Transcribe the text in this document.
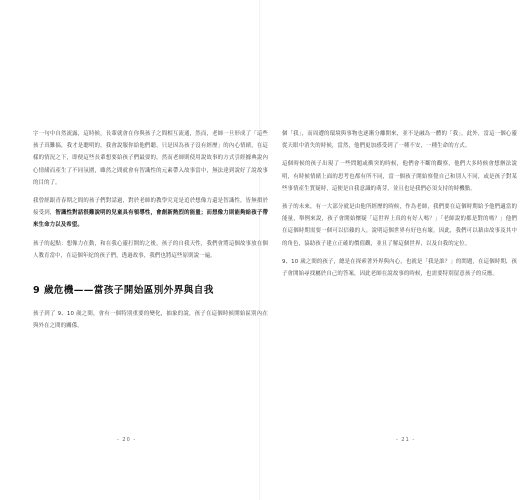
字一句中自然流露，這時候，長輩就會在你與孩子之間相互流通，然而，老師一旦形成了「這些孩子真難搞，我才是聰明的，我會說服你給他們聽，只是因為孩子沒有經歷」的內心情緒，在這樣的情況之下，即便這些長輩想要給孩子們最要的，然而老師則使用說故事的方式引經據典說內心情緒而產生了不同氛圍，雖然之間就會有智識性的元素帶入故事當中，無法達到說好了說故事的目的了。

我曾經跟青春期之間的孩子們對話過，對於老師的教學究竟是追於想像力還是智識性，皆無損於接受到，智識性對話很難說明的兒童具有領導性，會創新熱烈的能量；而想像力則能夠給孩子帶來生命力以及希望。

孩子的起點：想像力在動，和在我心靈打開的之後，孩子的自我天性，我們會將這個故事放在個人教育當中，在這個年紀的孩子們，透過故事，我們也將這些原則說一遍。

9 歲危機——當孩子開始區別外界與自我

孩子到了 9、10 歲之間，會有一個特別重要的變化，抽象的說，孩子在這個時候開始區別內在與外在之間的關係。

- 20 -

個「我」，而周遭的環境與事物也逐漸分離開來，並不是融為一體的「我」。此外，當這一個心靈從天眼中消失的時候，當然，他們更加感受到了一種不安，一種生命的方式。

這個時候的孩子出現了一些問題或衝突的時候，他們會不斷的觀察，他們大多時候會想辦法說明，有時候情緒上面的思考也都有所不同，當一個孩子開始察覺自己和別人不同，或是孩子對某些事情產生質疑時，這便是自我意識的萌芽，並且也是我們必須支持的時機點。

孩子的未來，有一大部分就是由他所經歷的時候，作為老師，我們要在這個時期給予他們適當的能量，舉例來說，孩子會開始懷疑「這世界上真的有好人嗎？」「老師說的都是對的嗎？」他們在這個時期需要一個可以信賴的人，說明這個世界有好也有壞，因此，我們可以藉由故事及其中的角色，協助孩子建立正確的價值觀，並且了解這個世界，以及自我的定位。

9、10 歲之間的孩子，總是在探索著外界與內心，也就是「我是誰？」的問題，在這個時期，孩子會開始尋找屬於自己的答案，因此老師在說故事的時候，也需要特別留意孩子的反應。

- 21 -
